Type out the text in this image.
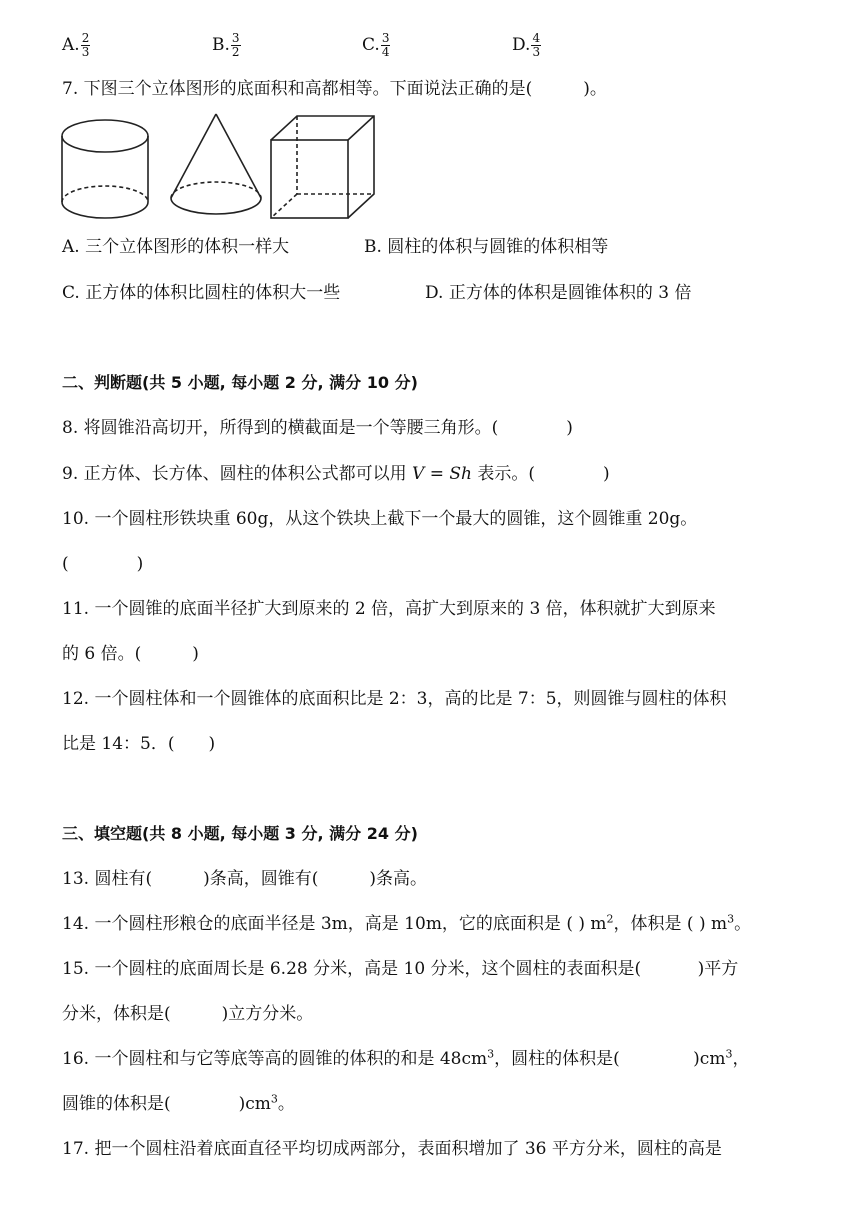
A. $\frac{2}{3}$	B. $\frac{3}{2}$	C. $\frac{3}{4}$	D. $\frac{4}{3}$
7. 下图三个立体图形的底面积和高都相等。下面说法正确的是(　　　)。
A. 三个立体图形的体积一样大	B. 圆柱的体积与圆锥的体积相等
C. 正方体的体积比圆柱的体积大一些	D. 正方体的体积是圆锥体积的 3 倍
二、判断题(共 5 小题, 每小题 2 分, 满分 10 分)
8. 将圆锥沿高切开，所得到的横截面是一个等腰三角形。(　　　　)
9. 正方体、长方体、圆柱的体积公式都可以用 V = Sh 表示。(　　　　)
10. 一个圆柱形铁块重 60g，从这个铁块上截下一个最大的圆锥，这个圆锥重 20g。
(　　　　)
11. 一个圆锥的底面半径扩大到原来的 2 倍，高扩大到原来的 3 倍，体积就扩大到原来
的 6 倍。(　　　)
12. 一个圆柱体和一个圆锥体的底面积比是 2：3，高的比是 7：5，则圆锥与圆柱的体积
比是 14：5．(　　)
三、填空题(共 8 小题, 每小题 3 分, 满分 24 分)
13. 圆柱有(　　　)条高，圆锥有(　　　)条高。
14. 一个圆柱形粮仓的底面半径是 3m，高是 10m，它的底面积是 ( ) $m^2$，体积是 ( ) $m^3$。
15. 一个圆柱的底面周长是 6.28 分米，高是 10 分米，这个圆柱的表面积是(　　　 )平方
分米，体积是(　　　)立方分米。
16. 一个圆柱和与它等底等高的圆锥的体积的和是 $48cm^3$，圆柱的体积是(　　　　 )$cm^3$，
圆锥的体积是(　　　　)$cm^3$。
17. 把一个圆柱沿着底面直径平均切成两部分，表面积增加了 36 平方分米，圆柱的高是
